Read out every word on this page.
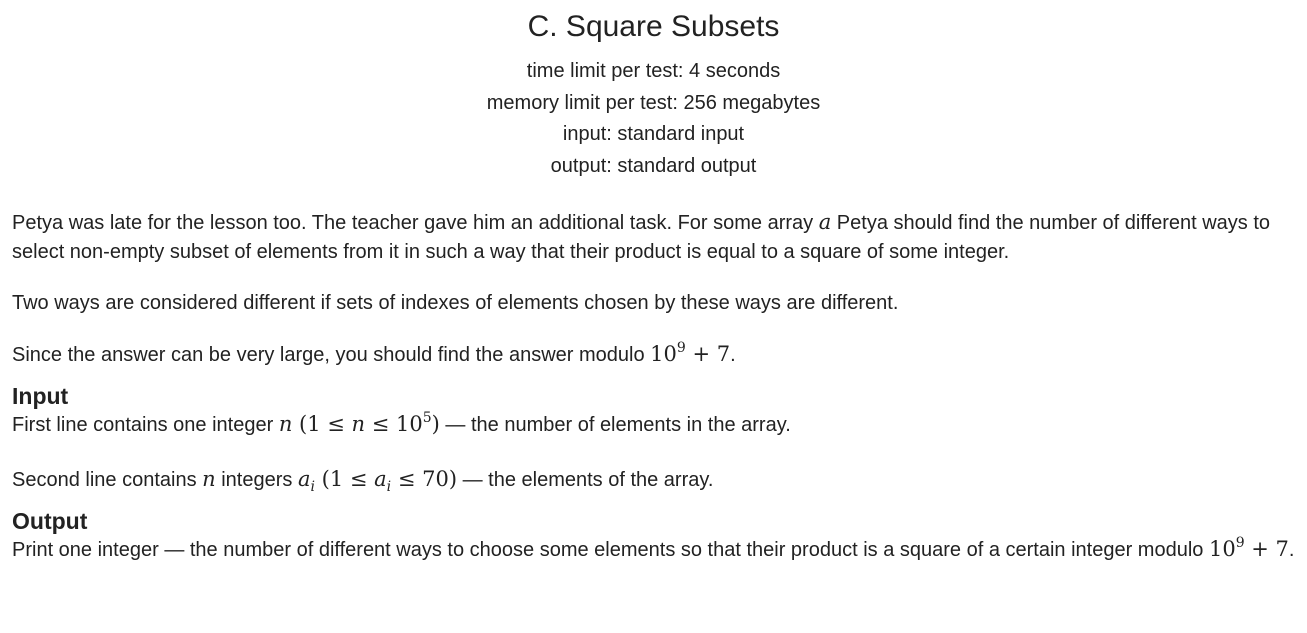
C. Square Subsets
time limit per test: 4 seconds
memory limit per test: 256 megabytes
input: standard input
output: standard output

Petya was late for the lesson too. The teacher gave him an additional task. For some array a Petya should find the number of different ways to select non-empty subset of elements from it in such a way that their product is equal to a square of some integer.

Two ways are considered different if sets of indexes of elements chosen by these ways are different.

Since the answer can be very large, you should find the answer modulo $10^9 + 7$.

Input

First line contains one integer n $(1 \le n \le 10^5)$ — the number of elements in the array.

Second line contains n integers $a_i$ $(1 \le a_i \le 70)$ — the elements of the array.

Output

Print one integer — the number of different ways to choose some elements so that their product is a square of a certain integer modulo $10^9 + 7$.
